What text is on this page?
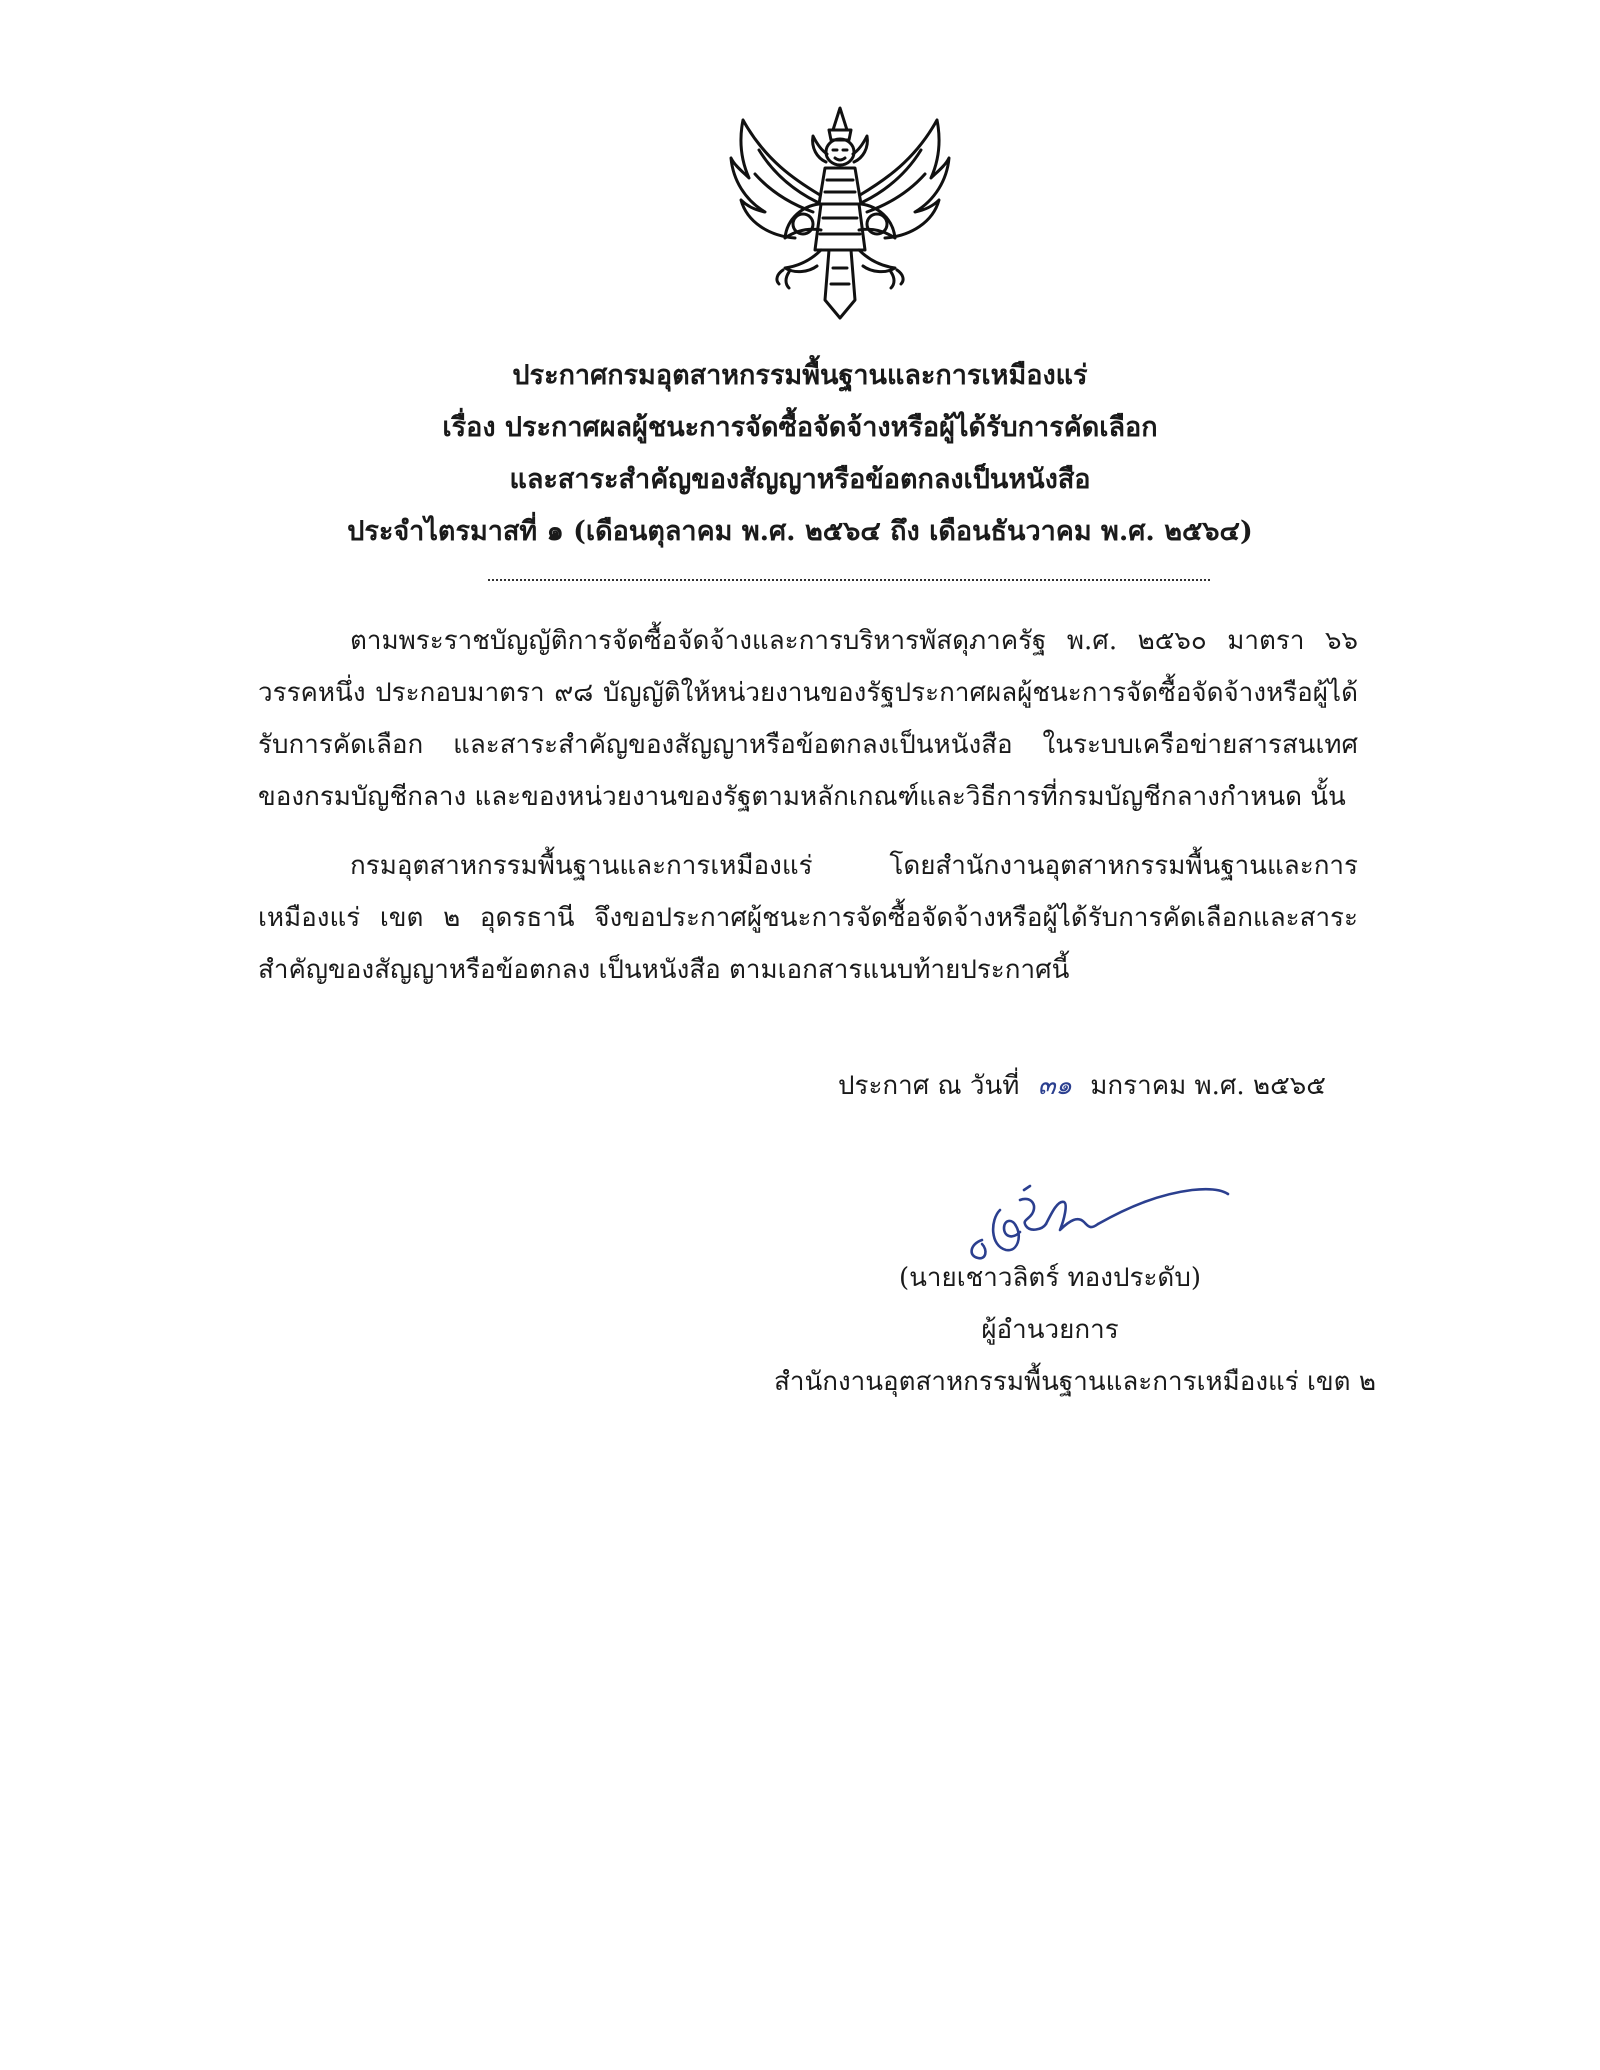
ประกาศกรมอุตสาหกรรมพื้นฐานและการเหมืองแร่
เรื่อง ประกาศผลผู้ชนะการจัดซื้อจัดจ้างหรือผู้ได้รับการคัดเลือก
และสาระสำคัญของสัญญาหรือข้อตกลงเป็นหนังสือ
ประจำไตรมาสที่ ๑ (เดือนตุลาคม พ.ศ. ๒๕๖๔ ถึง เดือนธันวาคม พ.ศ. ๒๕๖๔)

ตามพระราชบัญญัติการจัดซื้อจัดจ้างและการบริหารพัสดุภาครัฐ พ.ศ. ๒๕๖๐ มาตรา ๖๖ วรรคหนึ่ง ประกอบมาตรา ๙๘ บัญญัติให้หน่วยงานของรัฐประกาศผลผู้ชนะการจัดซื้อจัดจ้างหรือผู้ได้รับการคัดเลือก และสาระสำคัญของสัญญาหรือข้อตกลงเป็นหนังสือ ในระบบเครือข่ายสารสนเทศของกรมบัญชีกลาง และของหน่วยงานของรัฐตามหลักเกณฑ์และวิธีการที่กรมบัญชีกลางกำหนด นั้น

กรมอุตสาหกรรมพื้นฐานและการเหมืองแร่ โดยสำนักงานอุตสาหกรรมพื้นฐานและการเหมืองแร่ เขต ๒ อุดรธานี จึงขอประกาศผู้ชนะการจัดซื้อจัดจ้างหรือผู้ได้รับการคัดเลือกและสาระสำคัญของสัญญาหรือข้อตกลง เป็นหนังสือ ตามเอกสารแนบท้ายประกาศนี้

ประกาศ ณ วันที่ ๓๑ มกราคม พ.ศ. ๒๕๖๕
(นายเชาวลิตร์ ทองประดับ)
ผู้อำนวยการ
สำนักงานอุตสาหกรรมพื้นฐานและการเหมืองแร่ เขต ๒
